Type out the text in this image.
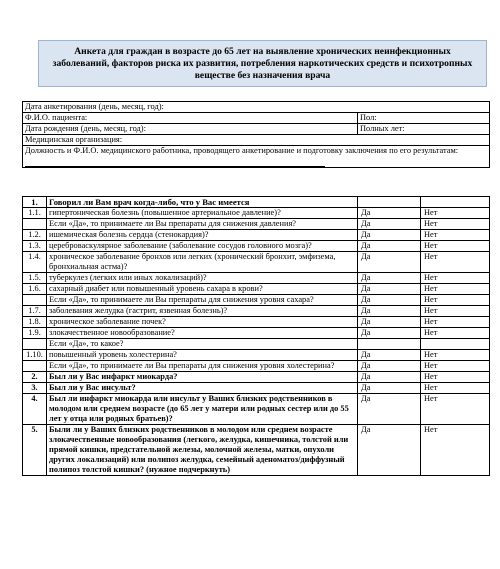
Анкета для граждан в возрасте до 65 лет на выявление хронических неинфекционных заболеваний, факторов риска их развития, потребления наркотических средств и психотропных веществе без назначения врача
Дата анкетирования (день, месяц, год):	
Ф.И.О. пациента:	Пол:
Дата рождения (день, месяц, год):	Полных лет:
Медицинская организация:	
Должность и Ф.И.О. медицинского работника, проводящего анкетирование и подготовку заключения по его результатам:	
1.	Говорил ли Вам врач когда-либо, что у Вас имеется		
1.1.	гипертоническая болезнь (повышенное артериальное давление)?	Да	Нет
	Если «Да», то принимаете ли Вы препараты для снижения давления?	Да	Нет
1.2.	ишемическая болезнь сердца (стенокардия)?	Да	Нет
1.3.	цереброваскулярное заболевание (заболевание сосудов головного мозга)?	Да	Нет
1.4.	хроническое заболевание бронхов или легких (хронический бронхит, эмфизема, бронхиальная астма)?	Да	Нет
1.5.	туберкулез (легких или иных локализаций)?	Да	Нет
1.6.	сахарный диабет или повышенный уровень сахара в крови?	Да	Нет
	Если «Да», то принимаете ли Вы препараты для снижения уровня сахара?	Да	Нет
1.7.	заболевания желудка (гастрит, язвенная болезнь)?	Да	Нет
1.8.	хроническое заболевание почек?	Да	Нет
1.9.	злокачественное новообразование?	Да	Нет
	Если «Да», то какое?		
1.10.	повышенный уровень холестерина?	Да	Нет
	Если «Да», то принимаете ли Вы препараты для снижения уровня холестерина?	Да	Нет
2.	Был ли у Вас инфаркт миокарда?	Да	Нет
3.	Был ли у Вас инсульт?	Да	Нет
4.	Был ли инфаркт миокарда или инсульт у Ваших близких родственников в молодом или среднем возрасте (до 65 лет у матери или родных сестер или до 55 лет у отца или родных братьев)?	Да	Нет
5.	Были ли у Ваших близких родственников в молодом или среднем возрасте злокачественные новообразования (легкого, желудка, кишечника, толстой или прямой кишки, предстательной железы, молочной железы, матки, опухоли других локализаций) или полипоз желудка, семейный аденоматоз/диффузный полипоз толстой кишки? (нужное подчеркнуть)	Да	Нет
